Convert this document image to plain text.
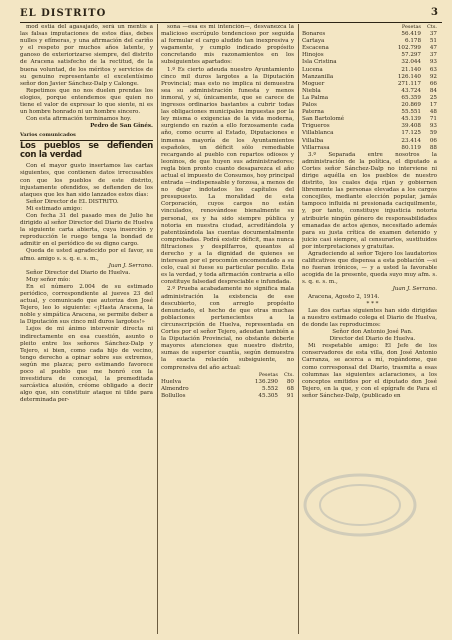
EL DISTRITO	3

mod estia del agasajado, será un mentís a las falsas imputaciones de estos días, debes nulles y efímeras, y una afirmación del cariño y el respeto por muchos años latente, y ganoso de exteriorizarse siempre, del distrito de Aracena satisfecho de la rectitud, de la buena voluntad, de los méritos y servicios de su genuino representante el excelentísimo señor don Javier Sánchez-Dalp y Calonge.

Repetimos que no nos duelen prendas los elogios, porque entendemos que quien no tiene el valor de expresar lo que siente, ni es un hombre honrado ni un hombre sincero.

Con esta afirmación terminamos hoy.

Pedro de San Ginés.

Varios comunicados
Los pueblos se defienden con la verdad

Con el mayor gusto insertamos las cartas siguientes, que contienen datos irrecusables con que los pueblos de este distrito, injustamente ofendidos, se defienden de los ataques que les han sido lanzados estos días:

Señor Director de EL DISTRITO.

Mi estimado amigo:

Con fecha 31 del pasado mes de Julio he dirigido al señor Director del Diario de Huelva la siguiente carta abierta, cuya inserción y reproducción le ruego tenga la bondad de admitir en el periódico de su digno cargo.

Queda de usted agradecido por el favor, su afmo. amigo s. s. q. e. s. m.,

Juan J. Serrano.

Señor Director del Diario de Huelva.

Muy señor mío:

En el número 2.004 de su estimado periódico, correspondiente al jueves 23 del actual, y comunicado que autoriza don José Tejero, leo lo siguiente: «¡Hasta Aracena, la noble y simpática Aracena, se permite deber a la Diputación sus cinco mil duros largotes!»

Lejos de mi ánimo intervenir directa ni indirectamente en esa cuestión, asunto o pleito entre los señores Sánchez-Dalp y Tejero, si bien, como cada hijo de vecino, tengo derecho a opinar sobre sus extremos, según me plazca; pero estimando favorece poco al pueblo que me honró con la investidura de concejal, la premeditada sarcástica alusión, créome obligado a decir algo que, sin constituir ataque ni tilde para determinada per-

sona —esa es mi intención—, desvanezca la malicioso escrúpulo tendencioso por seguida al formular el cargo aludido tan inexpresiva y vagamente, y cumplo indicado propósito concretando mis razonamientos en los subsiguientes apartados:

1.º Es cierto adeuda nuestro Ayuntamiento cinco mil duros largotes a la Diputación Provincial; mas esto no implica ni demuestra sea su administración funesta y menos inmoral, y sí, únicamente, que se carece de ingresos ordinarios bastantes a cubrir todas las obligaciones municipales impuestas por la ley misma o exigencias de la vida moderna, surgiendo en razón a ello forzosamente cada año, como ocurre al Estado, Diputaciones e inmensa mayoría de los Ayuntamientos españoles, un déficit sólo remediable recargando al pueblo con repartos odiosos y leoninos, de que huyen sus administradores; regla bien pronto cuanto desaparezca el año actual el impuesto de Consumos, hoy principal entrada —indispensable y forzosa, a menos de no dejar indotados los capítulos del presupuesto. La moralidad de esta Corporación, cuyos cargos no están vinculados, renovándose bienalmente su personal, es y ha sido siempre pública y notoria en nuestra ciudad, acreditándola y patentizándola las cuentas documentalmente comprobadas. Podrá existir déficit, mas nunca filtraciones y despilfarros, queantos al derecho y a la dignidad de quienes se interesan por el procomún encomendado a su celo, cual si fuese su particular peculio. Esta es la verdad, y toda afirmación contraria a ello constituye falsedad despreciable e infundada.

2.º Prueba acabadamente no significa mala administración la existencia de ese descubierto, con arreglo propósito denunciado, el hecho de que otras muchas poblaciones pertenecientes a la circunscripción de Huelva, representada en Cortes por el señor Tejero, adeudan también a la Diputación Provincial, no obstante deberle mayores atenciones que nuestro distrito, sumas de superior cuantía, según demuestra la exacta relación subsiguiente, no comprensiva del año actual:

	Pesetas	Cts.
Huelva	136.290	80
Almendro	5.552	68
Bollullos	45.305	91
	Pesetas	Cts.
Bonares	56.419	37
Cartaya	6.178	51
Escacena	102.799	47
Hinojos	57.297	37
Isla Cristina	32.044	93
Lucena	21.140	63
Manzanilla	126.140	92
Moguer	271.117	66
Niebla	43.724	84
La Palma	65.359	25
Palos	20.869	17
Paterna	55.551	48
San Bartolomé	45.139	71
Trigueros	39.408	93
Villablanca	17.125	59
Villalba	23.414	06
Villarrasa	80.119	88

3.º Separada entre nosotros la administración de la política, el diputado a Cortes señor Sánchez-Dalp no interviene ni dirige aquélla en los pueblos de nuestro distrito, los cuales deja rijan y gobiernen libremente las personas elevadas a los cargos concejiles, mediante elección popular, jamás tampoco influida ni presionada caciquilmente, y, por tanto, constituye injusticia notoria atribuirle ningún género de responsabilidades emanadas de actos ajenos, necesitado además para su justa crítica de examen detenido y juicio casi siempre, al censurarlos, sustituidos por interpretaciones y gratuitas.

Agradeciendo al señor Tejero los laudatorios calificativos que dispensa a esta población —si no fueran irónicos, — y a usted la favorable acogida de la presente, queda suyo muy afm. s. s. q. e. s. m.,

Juan J. Serrano.

Aracena, Agosto 2, 1914.

* * *

Las dos cartas siguientes han sido dirigidas a nuestro estimado colega el Diario de Huelva, de donde las reproducimos:

Señor don Antonio José Pan.

Director del Diario de Huelva.

Mi respetable amigo: El Jefe de los conservadores de esta villa, don José Antonio Carranza, se acerca a mí, rogándome, que como corresponsal del Diario, trasmita a esas columnas las siguientes aclaraciones, a los conceptos emitidos por el diputado don José Tejero, en la que, y con el epígrafe de Para el señor Sánchez-Dalp, (publicado en
